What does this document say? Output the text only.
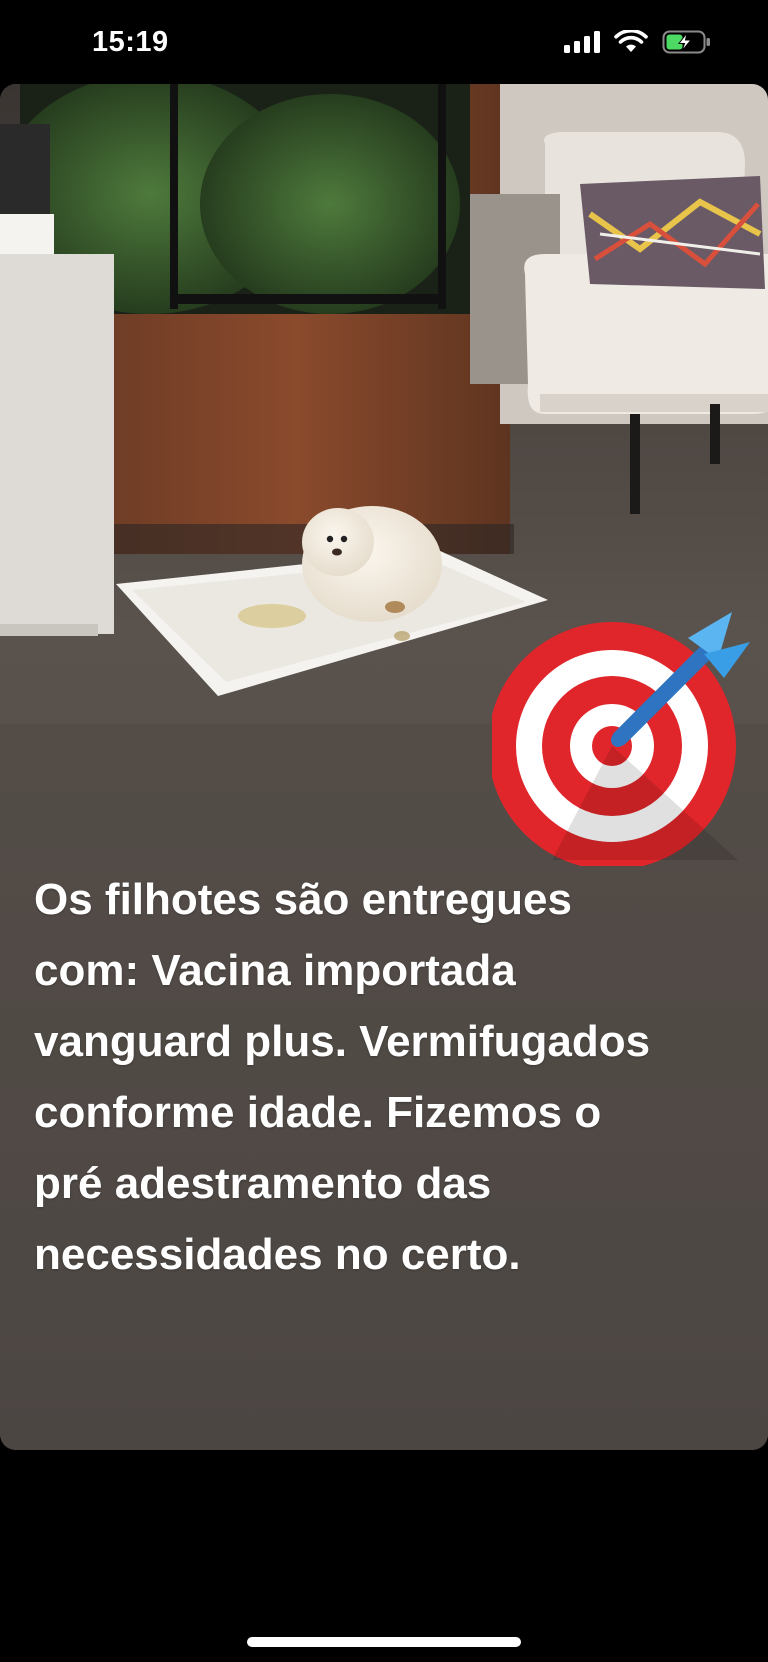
15:19
Os filhotes são entregues com: Vacina importada vanguard plus. Vermifugados conforme idade. Fizemos o pré adestramento das necessidades no certo.
